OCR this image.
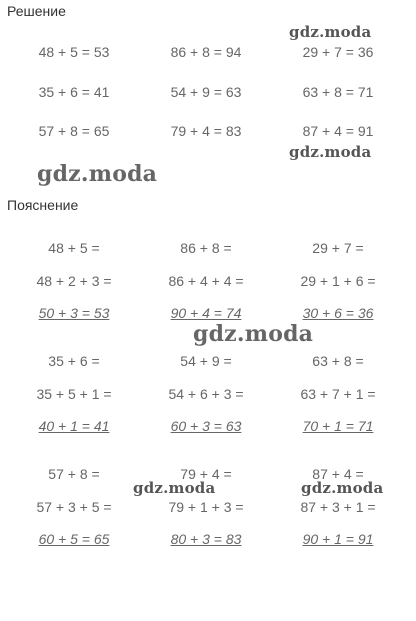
Решение
Пояснение
48 + 5 = 53	86 + 8 = 94	29 + 7 = 36
35 + 6 = 41	54 + 9 = 63	63 + 8 = 71
57 + 8 = 65	79 + 4 = 83	87 + 4 = 91
48 + 5 =	86 + 8 =	29 + 7 =
48 + 2 + 3 =	86 + 4 + 4 =	29 + 1 + 6 =
50 + 3 = 53	90 + 4 = 74	30 + 6 = 36
35 + 6 =	54 + 9 =	63 + 8 =
35 + 5 + 1 =	54 + 6 + 3 =	63 + 7 + 1 =
40 + 1 = 41	60 + 3 = 63	70 + 1 = 71
57 + 8 =	79 + 4 =	87 + 4 =
57 + 3 + 5 =	79 + 1 + 3 =	87 + 3 + 1 =
60 + 5 = 65	80 + 3 = 83	90 + 1 = 91
gdz.moda
gdz.moda
gdz.moda
gdz.moda
gdz.moda	gdz.moda
